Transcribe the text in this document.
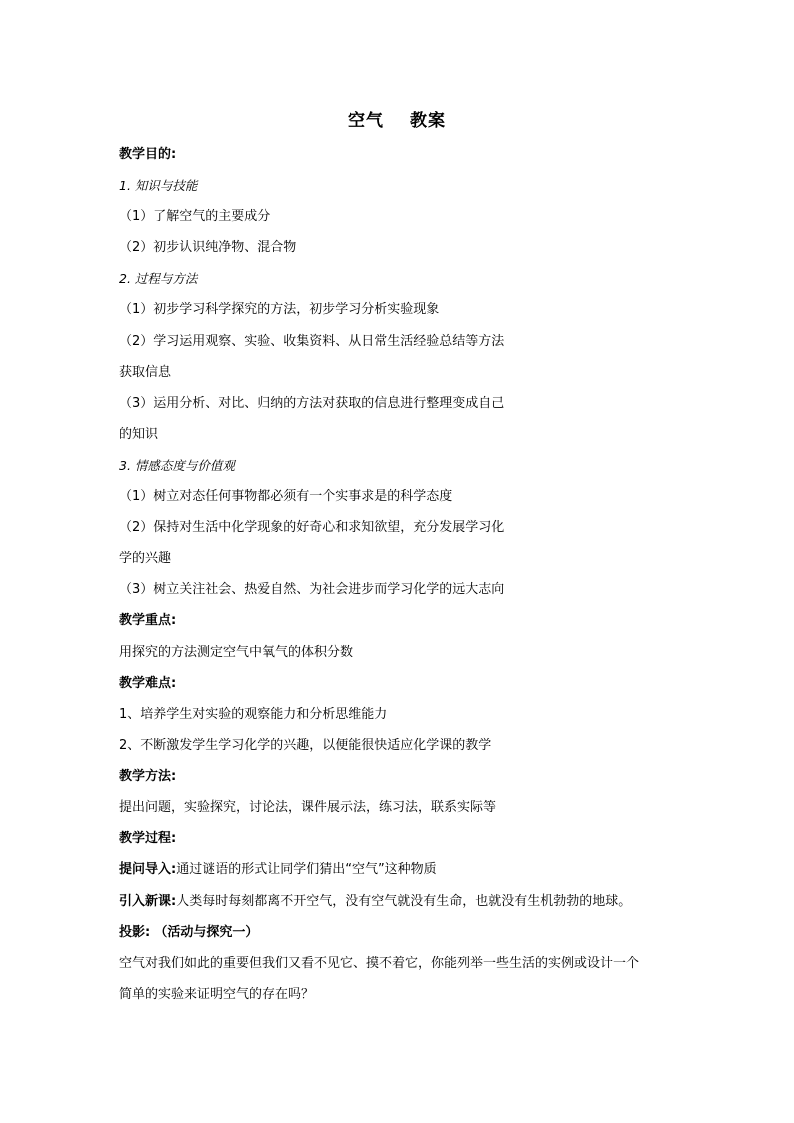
空气 教案
教学目的:
1. 知识与技能
（1）了解空气的主要成分
（2）初步认识纯净物、混合物
2. 过程与方法
（1）初步学习科学探究的方法，初步学习分析实验现象
（2）学习运用观察、实验、收集资料、从日常生活经验总结等方法
获取信息
（3）运用分析、对比、归纳的方法对获取的信息进行整理变成自己
的知识
3. 情感态度与价值观
（1）树立对态任何事物都必须有一个实事求是的科学态度
（2）保持对生活中化学现象的好奇心和求知欲望，充分发展学习化
学的兴趣
（3）树立关注社会、热爱自然、为社会进步而学习化学的远大志向
教学重点:
用探究的方法测定空气中氧气的体积分数
教学难点:
1、培养学生对实验的观察能力和分析思维能力
2、不断激发学生学习化学的兴趣，以便能很快适应化学课的教学
教学方法:
提出问题，实验探究，讨论法，课件展示法，练习法，联系实际等
教学过程:
提问导入:通过谜语的形式让同学们猜出“空气”这种物质
引入新课:人类每时每刻都离不开空气，没有空气就没有生命，也就没有生机勃勃的地球。
投影: （活动与探究一）
空气对我们如此的重要但我们又看不见它、摸不着它，你能列举一些生活的实例或设计一个
简单的实验来证明空气的存在吗？
